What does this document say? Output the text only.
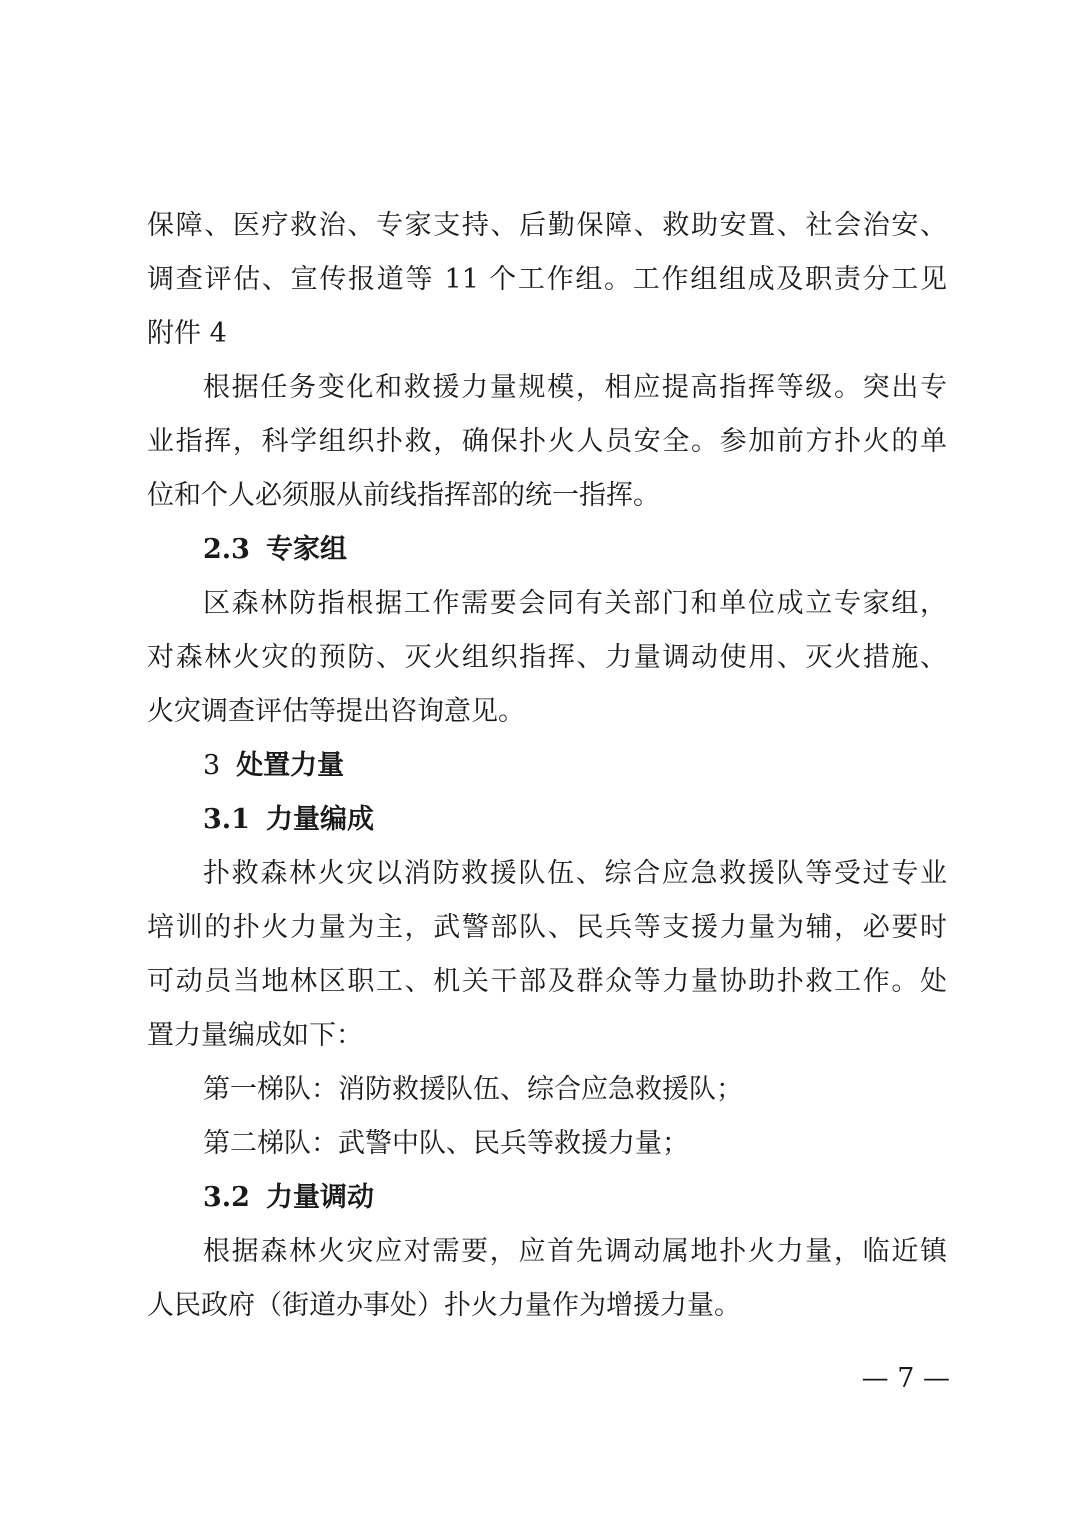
保障、医疗救治、专家支持、后勤保障、救助安置、社会治安、
调查评估、宣传报道等 11 个工作组。工作组组成及职责分工见
附件 4
根据任务变化和救援力量规模，相应提高指挥等级。突出专
业指挥，科学组织扑救，确保扑火人员安全。参加前方扑火的单
位和个人必须服从前线指挥部的统一指挥。
2.3 专家组
区森林防指根据工作需要会同有关部门和单位成立专家组，
对森林火灾的预防、灭火组织指挥、力量调动使用、灭火措施、
火灾调查评估等提出咨询意见。
3 处置力量
3.1 力量编成
扑救森林火灾以消防救援队伍、综合应急救援队等受过专业
培训的扑火力量为主，武警部队、民兵等支援力量为辅，必要时
可动员当地林区职工、机关干部及群众等力量协助扑救工作。处
置力量编成如下：
第一梯队：消防救援队伍、综合应急救援队；
第二梯队：武警中队、民兵等救援力量；
3.2 力量调动
根据森林火灾应对需要，应首先调动属地扑火力量，临近镇
人民政府（街道办事处）扑火力量作为增援力量。
— 7 —
